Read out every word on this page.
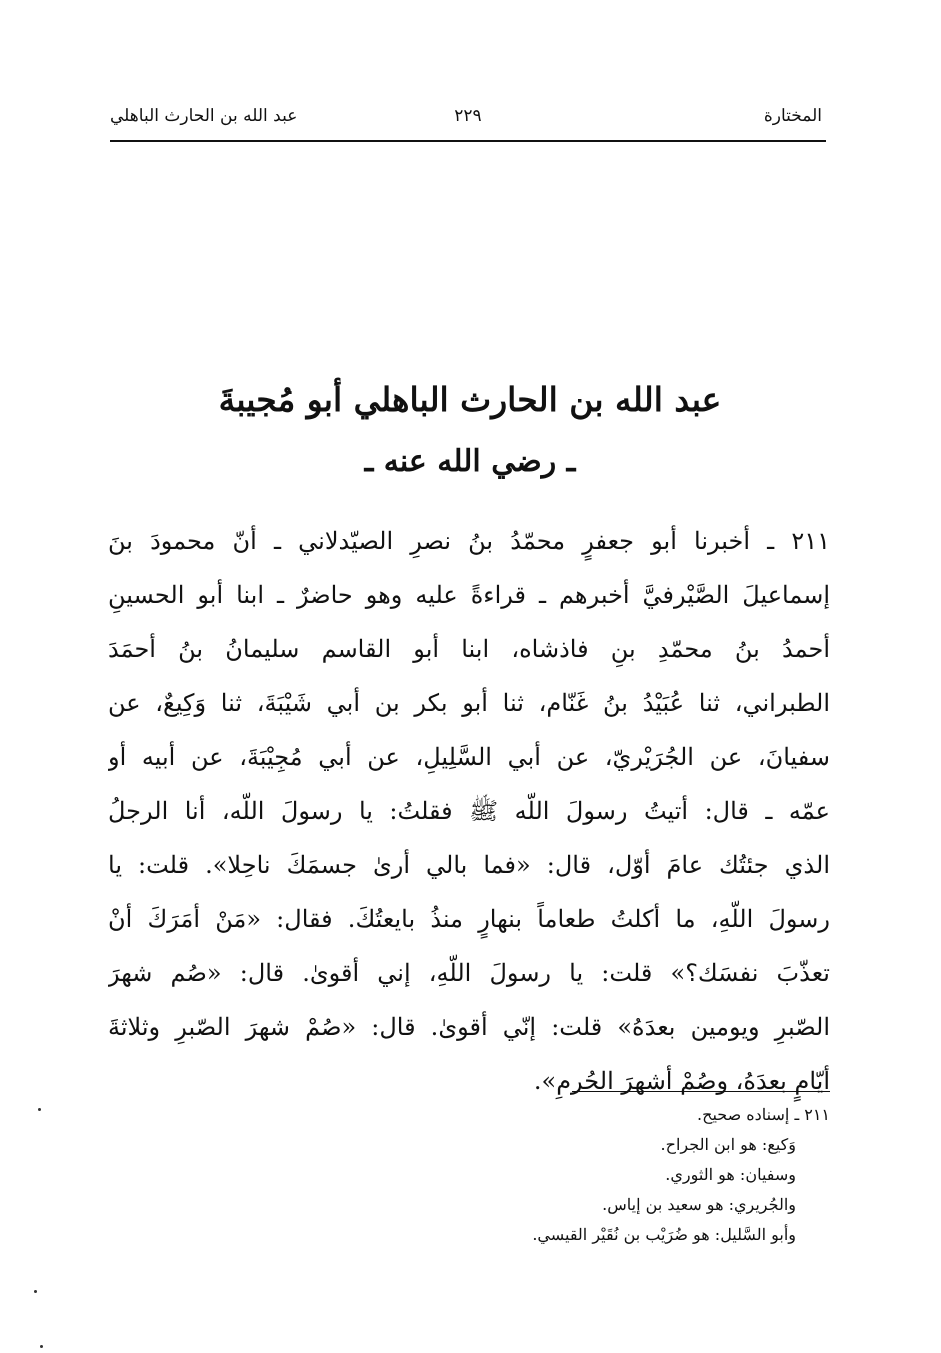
المختارة
٢٢٩
عبد الله بن الحارث الباهلي
عبد الله بن الحارث الباهلي أبو مُجيبةَ
ـ رضي الله عنه ـ
٢١١ ـ أخبرنا أبو جعفرٍ محمّدُ بنُ نصرِ الصيّدلاني ـ أنّ محمودَ بنَ
إسماعيلَ الصَّيْرفيَّ أخبرهم ـ قراءةً عليه وهو حاضرٌ ـ ابنا أبو الحسينِ
أحمدُ بنُ محمّدِ بنِ فاذشاه، ابنا أبو القاسم سليمانُ بنُ أحمَدَ
الطبراني، ثنا عُبَيْدُ بنُ غَنّام، ثنا أبو بكر بن أبي شَيْبَةَ، ثنا وَكِيعٌ، عن
سفيانَ، عن الجُرَيْريّ، عن أبي السَّلِيلِ، عن أبي مُجِيْبَةَ، عن أبيه أو
عمّه ـ قال: أتيتُ رسولَ اللّه ﷺ فقلتُ: يا رسولَ اللّه، أنا الرجلُ
الذي جئتُك عامَ أوّل، قال: «فما بالي أرىٰ جسمَكَ ناحِلا». قلت: يا
رسولَ اللّهِ، ما أكلتُ طعاماً بنهارٍ منذُ بايعتُكَ. فقال: «مَنْ أمَرَكَ أنْ
تعذّبَ نفسَك؟» قلت: يا رسولَ اللّهِ، إني أقوىٰ. قال: «صُم شهرَ
الصّبرِ ويومين بعدَهُ» قلت: إنّي أقوىٰ. قال: «صُمْ شهرَ الصّبرِ وثلاثةَ
أيّامٍ بعدَهُ، وصُمْ أشهرَ الحُرمِ».
٢١١ ـ إسناده صحيح.
وَكيع: هو ابن الجراح.
وسفيان: هو الثوري.
والجُريري: هو سعيد بن إياس.
وأبو السَّليل: هو ضُرَيْب بن نُقَيْر القيسي.
